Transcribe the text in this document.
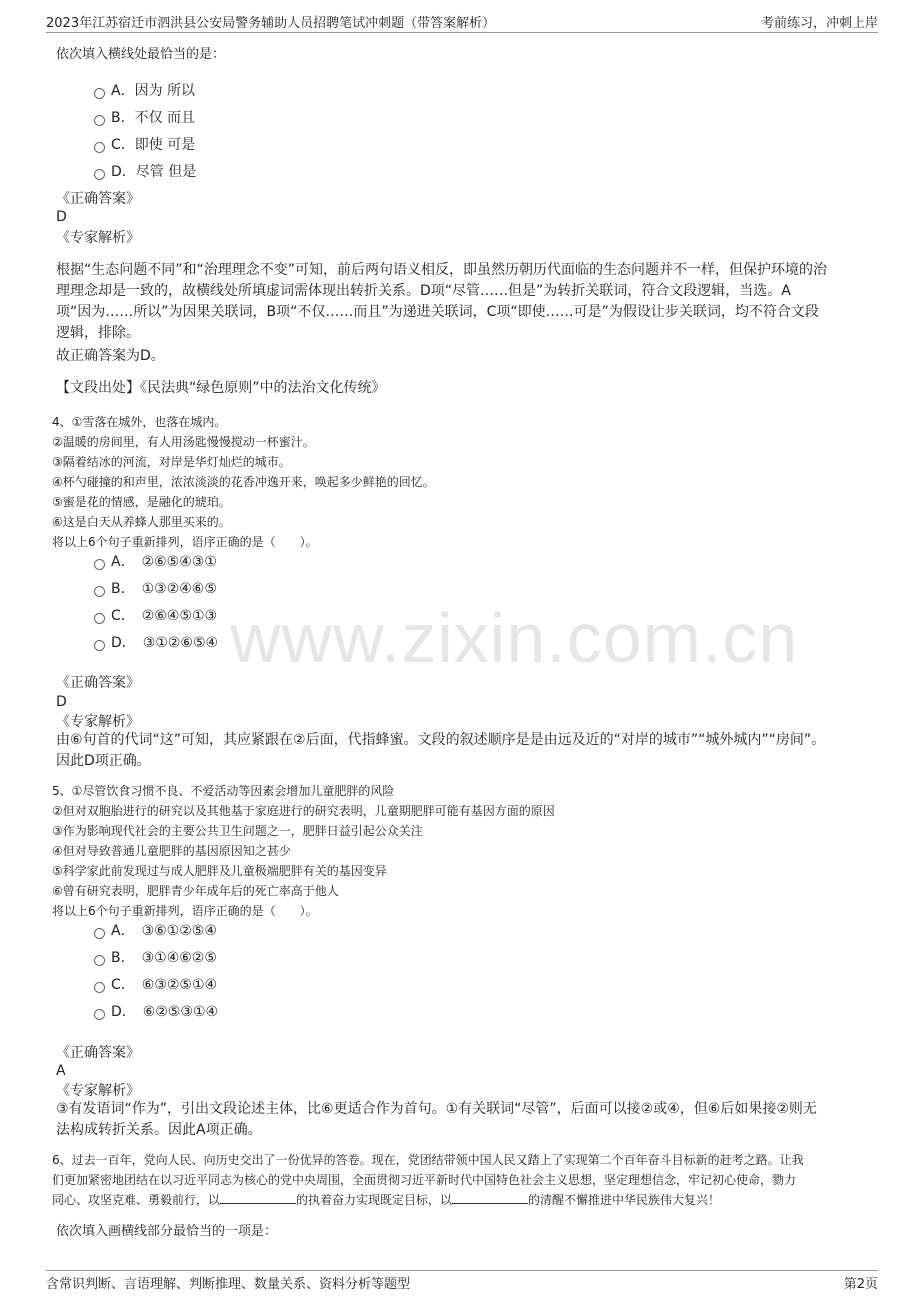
2023年江苏宿迁市泗洪县公安局警务辅助人员招聘笔试冲刺题（带答案解析）	考前练习，冲刺上岸
www.zixin.com.cn
依次填入横线处最恰当的是：
A．因为 所以
B．不仅 而且
C．即使 可是
D．尽管 但是
《正确答案》
D
《专家解析》
根据“生态问题不同”和“治理理念不变”可知，前后两句语义相反，即虽然历朝历代面临的生态问题并不一样，但保护环境的治
理理念却是一致的，故横线处所填虚词需体现出转折关系。D项“尽管……但是”为转折关联词，符合文段逻辑，当选。A
项“因为……所以”为因果关联词，B项“不仅……而且”为递进关联词，C项“即使……可是”为假设让步关联词，均不符合文段
逻辑，排除。
故正确答案为D。
【文段出处】《民法典“绿色原则”中的法治文化传统》
4、①雪落在城外，也落在城内。
②温暖的房间里，有人用汤匙慢慢搅动一杯蜜汁。
③隔着结冰的河流，对岸是华灯灿烂的城市。
④杯勺碰撞的和声里，浓浓淡淡的花香冲逸开来，唤起多少鲜艳的回忆。
⑤蜜是花的情感，是融化的琥珀。
⑥这是白天从养蜂人那里买来的。
将以上6个句子重新排列，语序正确的是（　　）。
A．　②⑥⑤④③①
B．　①③②④⑥⑤
C．　②⑥④⑤①③
D．　③①②⑥⑤④
《正确答案》
D
《专家解析》
由⑥句首的代词“这”可知，其应紧跟在②后面，代指蜂蜜。文段的叙述顺序是是由远及近的“对岸的城市”“城外城内”“房间”。
因此D项正确。
5、①尽管饮食习惯不良、不爱活动等因素会增加儿童肥胖的风险
②但对双胞胎进行的研究以及其他基于家庭进行的研究表明，儿童期肥胖可能有基因方面的原因
③作为影响现代社会的主要公共卫生问题之一，肥胖日益引起公众关注
④但对导致普通儿童肥胖的基因原因知之甚少
⑤科学家此前发现过与成人肥胖及儿童极端肥胖有关的基因变异
⑥曾有研究表明，肥胖青少年成年后的死亡率高于他人
将以上6个句子重新排列，语序正确的是（　　）。
A．　③⑥①②⑤④
B．　③①④⑥②⑤
C．　⑥③②⑤①④
D．　⑥②⑤③①④
《正确答案》
A
《专家解析》
③有发语词“作为”，引出文段论述主体，比⑥更适合作为首句。①有关联词“尽管”，后面可以接②或④，但⑥后如果接②则无
法构成转折关系。因此A项正确。
6、过去一百年，党向人民、向历史交出了一份优异的答卷。现在，党团结带领中国人民又踏上了实现第二个百年奋斗目标新的赶考之路。让我
们更加紧密地团结在以习近平同志为核心的党中央周围，全面贯彻习近平新时代中国特色社会主义思想，坚定理想信念，牢记初心使命，勠力
同心、攻坚克难、勇毅前行，以	的执着奋力实现既定目标，以	的清醒不懈推进中华民族伟大复兴！
依次填入画横线部分最恰当的一项是：
含常识判断、言语理解、判断推理、数量关系、资料分析等题型	第2页
